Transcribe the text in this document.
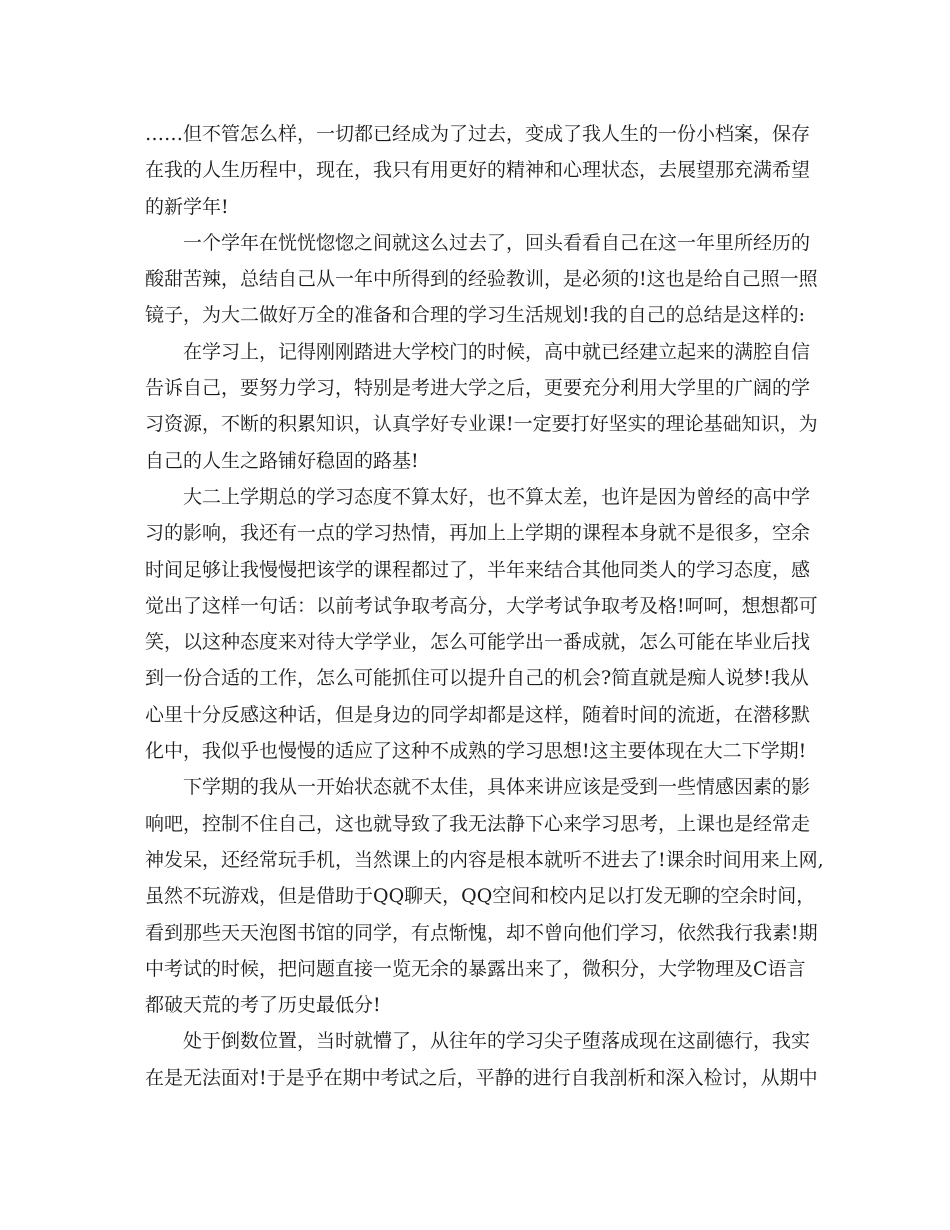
……但不管怎么样，一切都已经成为了过去，变成了我人生的一份小档案，保存
在我的人生历程中，现在，我只有用更好的精神和心理状态，去展望那充满希望
的新学年!
一个学年在恍恍惚惚之间就这么过去了，回头看看自己在这一年里所经历的
酸甜苦辣，总结自己从一年中所得到的经验教训，是必须的!这也是给自己照一照
镜子，为大二做好万全的准备和合理的学习生活规划!我的自己的总结是这样的:
在学习上，记得刚刚踏进大学校门的时候，高中就已经建立起来的满腔自信
告诉自己，要努力学习，特别是考进大学之后，更要充分利用大学里的广阔的学
习资源，不断的积累知识，认真学好专业课!一定要打好坚实的理论基础知识，为
自己的人生之路铺好稳固的路基!
大二上学期总的学习态度不算太好，也不算太差，也许是因为曾经的高中学
习的影响，我还有一点的学习热情，再加上上学期的课程本身就不是很多，空余
时间足够让我慢慢把该学的课程都过了，半年来结合其他同类人的学习态度，感
觉出了这样一句话：以前考试争取考高分，大学考试争取考及格!呵呵，想想都可
笑，以这种态度来对待大学学业，怎么可能学出一番成就，怎么可能在毕业后找
到一份合适的工作，怎么可能抓住可以提升自己的机会?简直就是痴人说梦!我从
心里十分反感这种话，但是身边的同学却都是这样，随着时间的流逝，在潜移默
化中，我似乎也慢慢的适应了这种不成熟的学习思想!这主要体现在大二下学期!
下学期的我从一开始状态就不太佳，具体来讲应该是受到一些情感因素的影
响吧，控制不住自己，这也就导致了我无法静下心来学习思考，上课也是经常走
神发呆，还经常玩手机，当然课上的内容是根本就听不进去了!课余时间用来上网,
虽然不玩游戏，但是借助于QQ聊天，QQ空间和校内足以打发无聊的空余时间，
看到那些天天泡图书馆的同学，有点惭愧，却不曾向他们学习，依然我行我素!期
中考试的时候，把问题直接一览无余的暴露出来了，微积分，大学物理及C语言
都破天荒的考了历史最低分!
处于倒数位置，当时就懵了，从往年的学习尖子堕落成现在这副德行，我实
在是无法面对!于是乎在期中考试之后，平静的进行自我剖析和深入检讨，从期中
